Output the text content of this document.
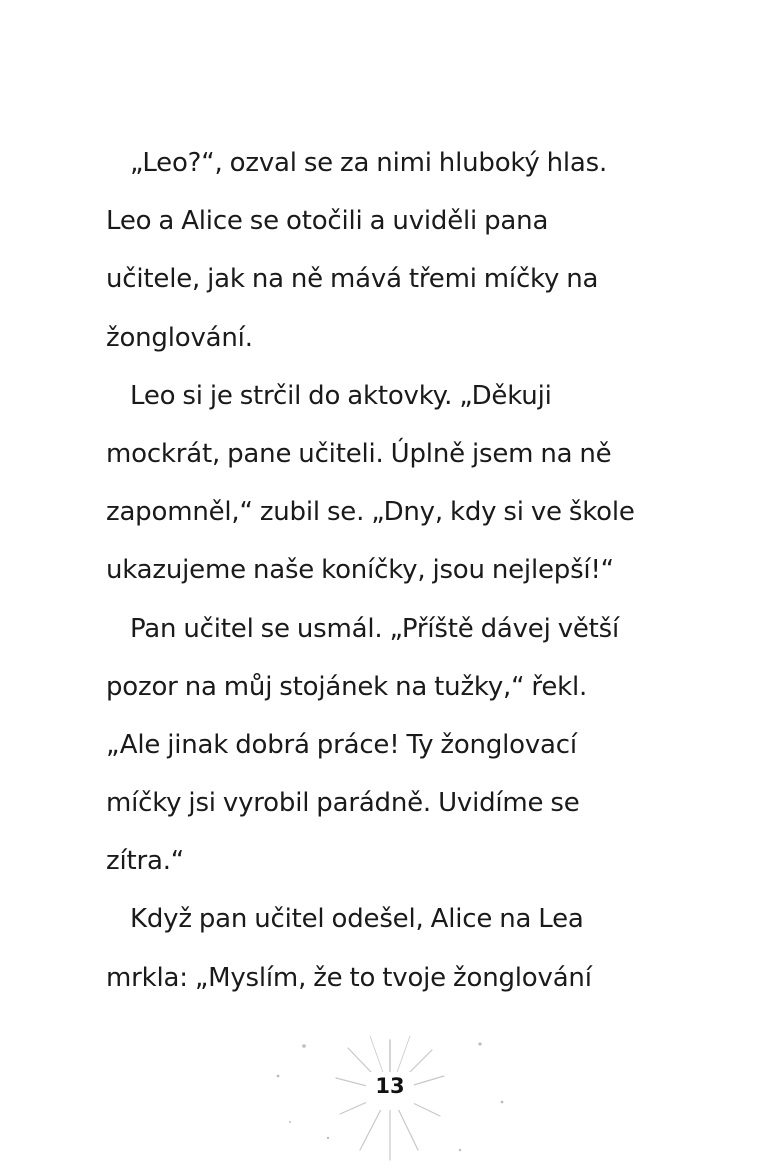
„Leo?“, ozval se za nimi hluboký hlas.
Leo a Alice se otočili a uviděli pana
učitele, jak na ně mává třemi míčky na
žonglování.
Leo si je strčil do aktovky. „Děkuji
mockrát, pane učiteli. Úplně jsem na ně
zapomněl,“ zubil se. „Dny, kdy si ve škole
ukazujeme naše koníčky, jsou nejlepší!“
Pan učitel se usmál. „Příště dávej větší
pozor na můj stojánek na tužky,“ řekl.
„Ale jinak dobrá práce! Ty žonglovací
míčky jsi vyrobil parádně. Uvidíme se
zítra.“
Když pan učitel odešel, Alice na Lea
mrkla: „Myslím, že to tvoje žonglování
13
